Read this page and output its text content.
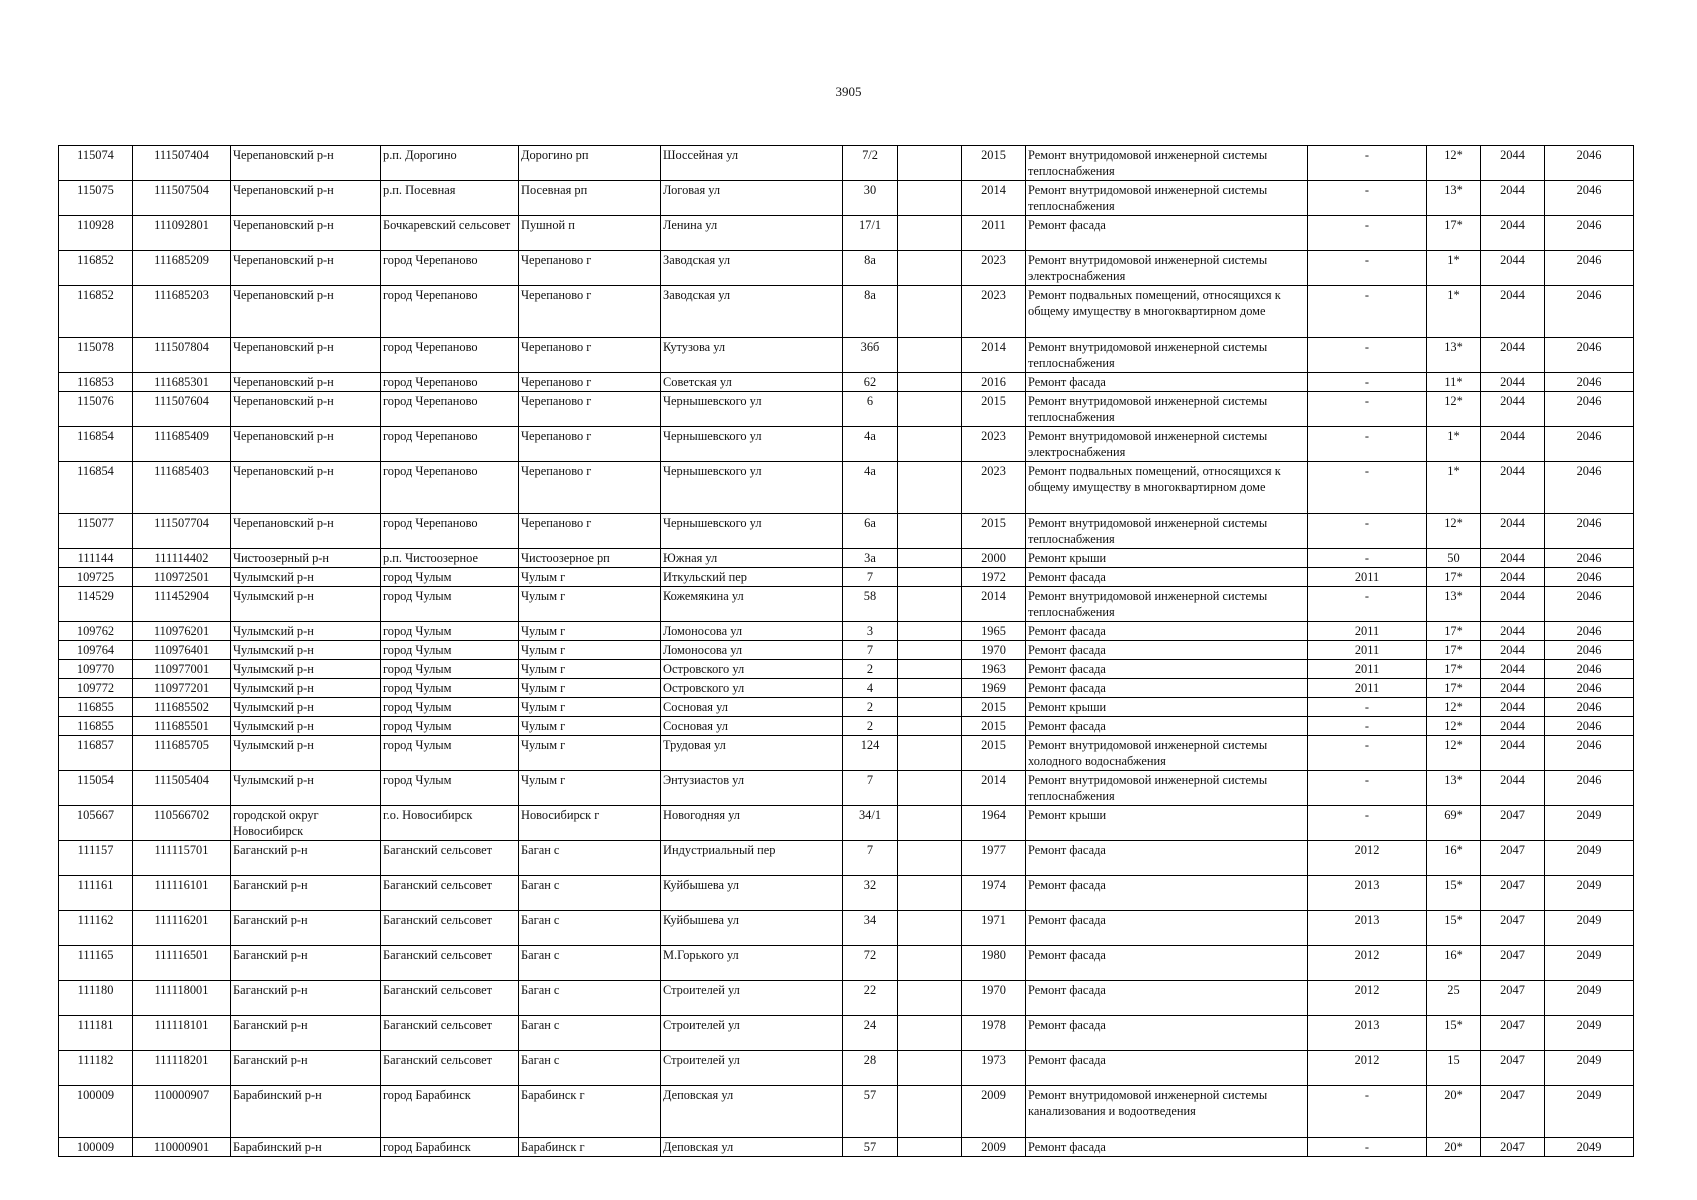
3905
115074	111507404	Черепановский р-н	р.п. Дорогино	Дорогино рп	Шоссейная ул	7/2		2015	Ремонт внутридомовой инженерной системы теплоснабжения	-	12*	2044	2046
115075	111507504	Черепановский р-н	р.п. Посевная	Посевная рп	Логовая ул	30		2014	Ремонт внутридомовой инженерной системы теплоснабжения	-	13*	2044	2046
110928	111092801	Черепановский р-н	Бочкаревский сельсовет	Пушной п	Ленина ул	17/1		2011	Ремонт фасада	-	17*	2044	2046
116852	111685209	Черепановский р-н	город Черепаново	Черепаново г	Заводская ул	8а		2023	Ремонт внутридомовой инженерной системы электроснабжения	-	1*	2044	2046
116852	111685203	Черепановский р-н	город Черепаново	Черепаново г	Заводская ул	8а		2023	Ремонт подвальных помещений, относящихся к общему имуществу в многоквартирном доме	-	1*	2044	2046
115078	111507804	Черепановский р-н	город Черепаново	Черепаново г	Кутузова ул	36б		2014	Ремонт внутридомовой инженерной системы теплоснабжения	-	13*	2044	2046
116853	111685301	Черепановский р-н	город Черепаново	Черепаново г	Советская ул	62		2016	Ремонт фасада	-	11*	2044	2046
115076	111507604	Черепановский р-н	город Черепаново	Черепаново г	Чернышевского ул	6		2015	Ремонт внутридомовой инженерной системы теплоснабжения	-	12*	2044	2046
116854	111685409	Черепановский р-н	город Черепаново	Черепаново г	Чернышевского ул	4а		2023	Ремонт внутридомовой инженерной системы электроснабжения	-	1*	2044	2046
116854	111685403	Черепановский р-н	город Черепаново	Черепаново г	Чернышевского ул	4а		2023	Ремонт подвальных помещений, относящихся к общему имуществу в многоквартирном доме	-	1*	2044	2046
115077	111507704	Черепановский р-н	город Черепаново	Черепаново г	Чернышевского ул	6а		2015	Ремонт внутридомовой инженерной системы теплоснабжения	-	12*	2044	2046
111144	111114402	Чистоозерный р-н	р.п. Чистоозерное	Чистоозерное рп	Южная ул	3а		2000	Ремонт крыши	-	50	2044	2046
109725	110972501	Чулымский р-н	город Чулым	Чулым г	Иткульский пер	7		1972	Ремонт фасада	2011	17*	2044	2046
114529	111452904	Чулымский р-н	город Чулым	Чулым г	Кожемякина ул	58		2014	Ремонт внутридомовой инженерной системы теплоснабжения	-	13*	2044	2046
109762	110976201	Чулымский р-н	город Чулым	Чулым г	Ломоносова ул	3		1965	Ремонт фасада	2011	17*	2044	2046
109764	110976401	Чулымский р-н	город Чулым	Чулым г	Ломоносова ул	7		1970	Ремонт фасада	2011	17*	2044	2046
109770	110977001	Чулымский р-н	город Чулым	Чулым г	Островского ул	2		1963	Ремонт фасада	2011	17*	2044	2046
109772	110977201	Чулымский р-н	город Чулым	Чулым г	Островского ул	4		1969	Ремонт фасада	2011	17*	2044	2046
116855	111685502	Чулымский р-н	город Чулым	Чулым г	Сосновая ул	2		2015	Ремонт крыши	-	12*	2044	2046
116855	111685501	Чулымский р-н	город Чулым	Чулым г	Сосновая ул	2		2015	Ремонт фасада	-	12*	2044	2046
116857	111685705	Чулымский р-н	город Чулым	Чулым г	Трудовая ул	124		2015	Ремонт внутридомовой инженерной системы холодного водоснабжения	-	12*	2044	2046
115054	111505404	Чулымский р-н	город Чулым	Чулым г	Энтузиастов ул	7		2014	Ремонт внутридомовой инженерной системы теплоснабжения	-	13*	2044	2046
105667	110566702	городской округ Новосибирск	г.о. Новосибирск	Новосибирск г	Новогодняя ул	34/1		1964	Ремонт крыши	-	69*	2047	2049
111157	111115701	Баганский р-н	Баганский сельсовет	Баган с	Индустриальный пер	7		1977	Ремонт фасада	2012	16*	2047	2049
111161	111116101	Баганский р-н	Баганский сельсовет	Баган с	Куйбышева ул	32		1974	Ремонт фасада	2013	15*	2047	2049
111162	111116201	Баганский р-н	Баганский сельсовет	Баган с	Куйбышева ул	34		1971	Ремонт фасада	2013	15*	2047	2049
111165	111116501	Баганский р-н	Баганский сельсовет	Баган с	М.Горького ул	72		1980	Ремонт фасада	2012	16*	2047	2049
111180	111118001	Баганский р-н	Баганский сельсовет	Баган с	Строителей ул	22		1970	Ремонт фасада	2012	25	2047	2049
111181	111118101	Баганский р-н	Баганский сельсовет	Баган с	Строителей ул	24		1978	Ремонт фасада	2013	15*	2047	2049
111182	111118201	Баганский р-н	Баганский сельсовет	Баган с	Строителей ул	28		1973	Ремонт фасада	2012	15	2047	2049
100009	110000907	Барабинский р-н	город Барабинск	Барабинск г	Деповская ул	57		2009	Ремонт внутридомовой инженерной системы канализования и водоотведения	-	20*	2047	2049
100009	110000901	Барабинский р-н	город Барабинск	Барабинск г	Деповская ул	57		2009	Ремонт фасада	-	20*	2047	2049
